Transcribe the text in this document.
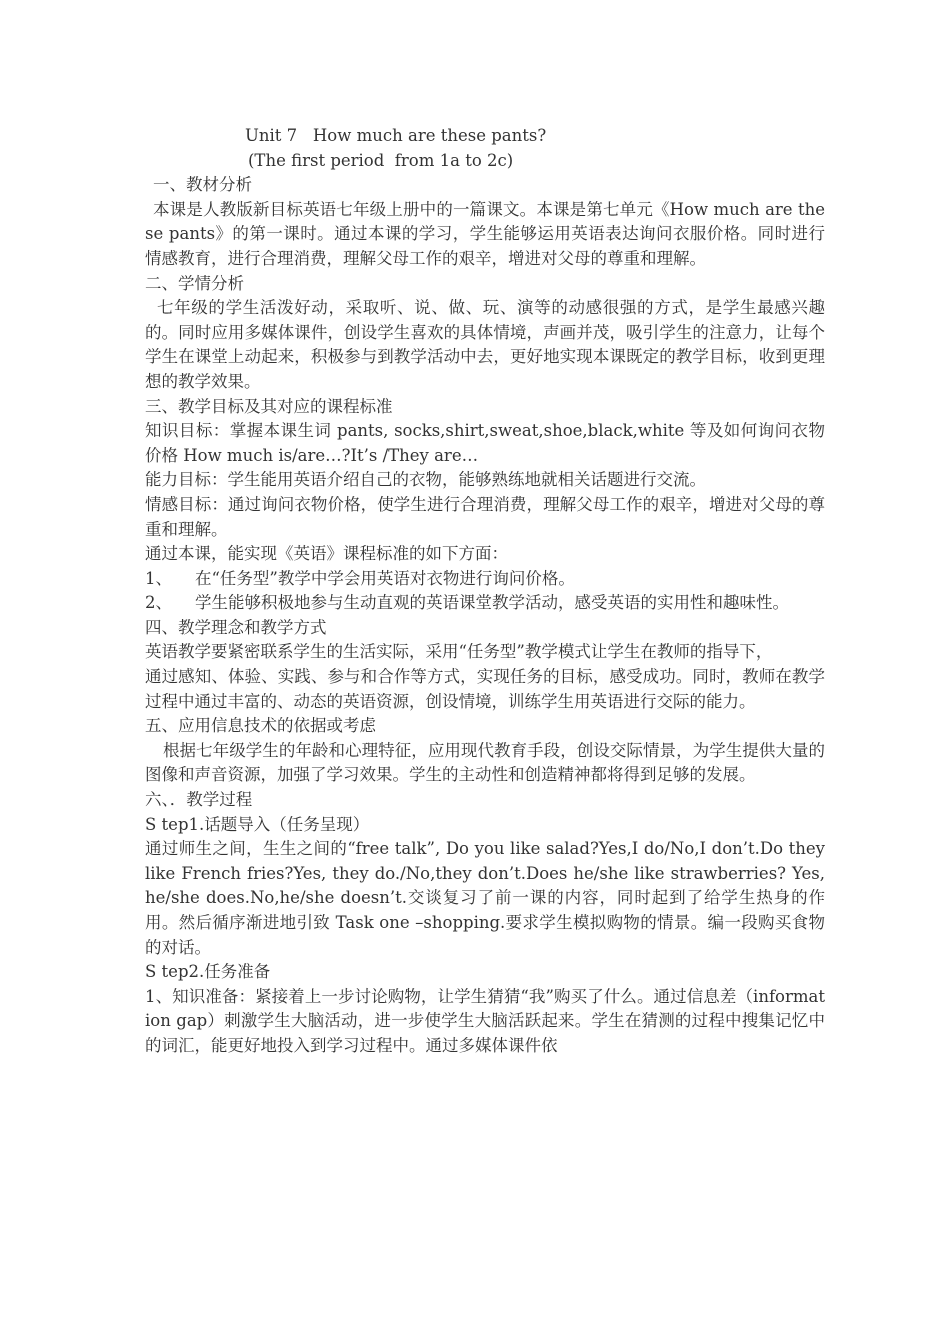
Unit 7   How much are these pants?

(The first period  from 1a to 2c)

一、教材分析

本课是人教版新目标英语七年级上册中的一篇课文。本课是第七单元《How much are these pants》的第一课时。通过本课的学习，学生能够运用英语表达询问衣服价格。同时进行情感教育，进行合理消费，理解父母工作的艰辛，增进对父母的尊重和理解。

二、学情分析

七年级的学生活泼好动，采取听、说、做、玩、演等的动感很强的方式，是学生最感兴趣的。同时应用多媒体课件，创设学生喜欢的具体情境，声画并茂，吸引学生的注意力，让每个学生在课堂上动起来，积极参与到教学活动中去，更好地实现本课既定的教学目标，收到更理想的教学效果。

三、教学目标及其对应的课程标准

知识目标：掌握本课生词 pants, socks,shirt,sweat,shoe,black,white 等及如何询问衣物价格 How much is/are…?It’s /They are…

能力目标：学生能用英语介绍自己的衣物，能够熟练地就相关话题进行交流。

情感目标：通过询问衣物价格，使学生进行合理消费，理解父母工作的艰辛，增进对父母的尊重和理解。

通过本课，能实现《英语》课程标准的如下方面：

1、 在“任务型”教学中学会用英语对衣物进行询问价格。

2、 学生能够积极地参与生动直观的英语课堂教学活动，感受英语的实用性和趣味性。

四、教学理念和教学方式

英语教学要紧密联系学生的生活实际，采用“任务型”教学模式让学生在教师的指导下，

通过感知、体验、实践、参与和合作等方式，实现任务的目标，感受成功。同时，教师在教学过程中通过丰富的、动态的英语资源，创设情境，训练学生用英语进行交际的能力。

五、应用信息技术的依据或考虑

根据七年级学生的年龄和心理特征，应用现代教育手段，创设交际情景，为学生提供大量的图像和声音资源，加强了学习效果。学生的主动性和创造精神都将得到足够的发展。

六、．教学过程

S tep1.话题导入（任务呈现）

通过师生之间，生生之间的“free talk”, Do you like salad?Yes,I do/No,I don’t.Do they like French fries?Yes, they do./No,they don’t.Does he/she like strawberries? Yes,he/she does.No,he/she doesn’t.交谈复习了前一课的内容，同时起到了给学生热身的作用。然后循序渐进地引致 Task one –shopping.要求学生模拟购物的情景。编一段购买食物的对话。

S tep2.任务准备

1、知识准备：紧接着上一步讨论购物，让学生猜猜“我”购买了什么。通过信息差（information gap）刺激学生大脑活动，进一步使学生大脑活跃起来。学生在猜测的过程中搜集记忆中的词汇，能更好地投入到学习过程中。通过多媒体课件依
